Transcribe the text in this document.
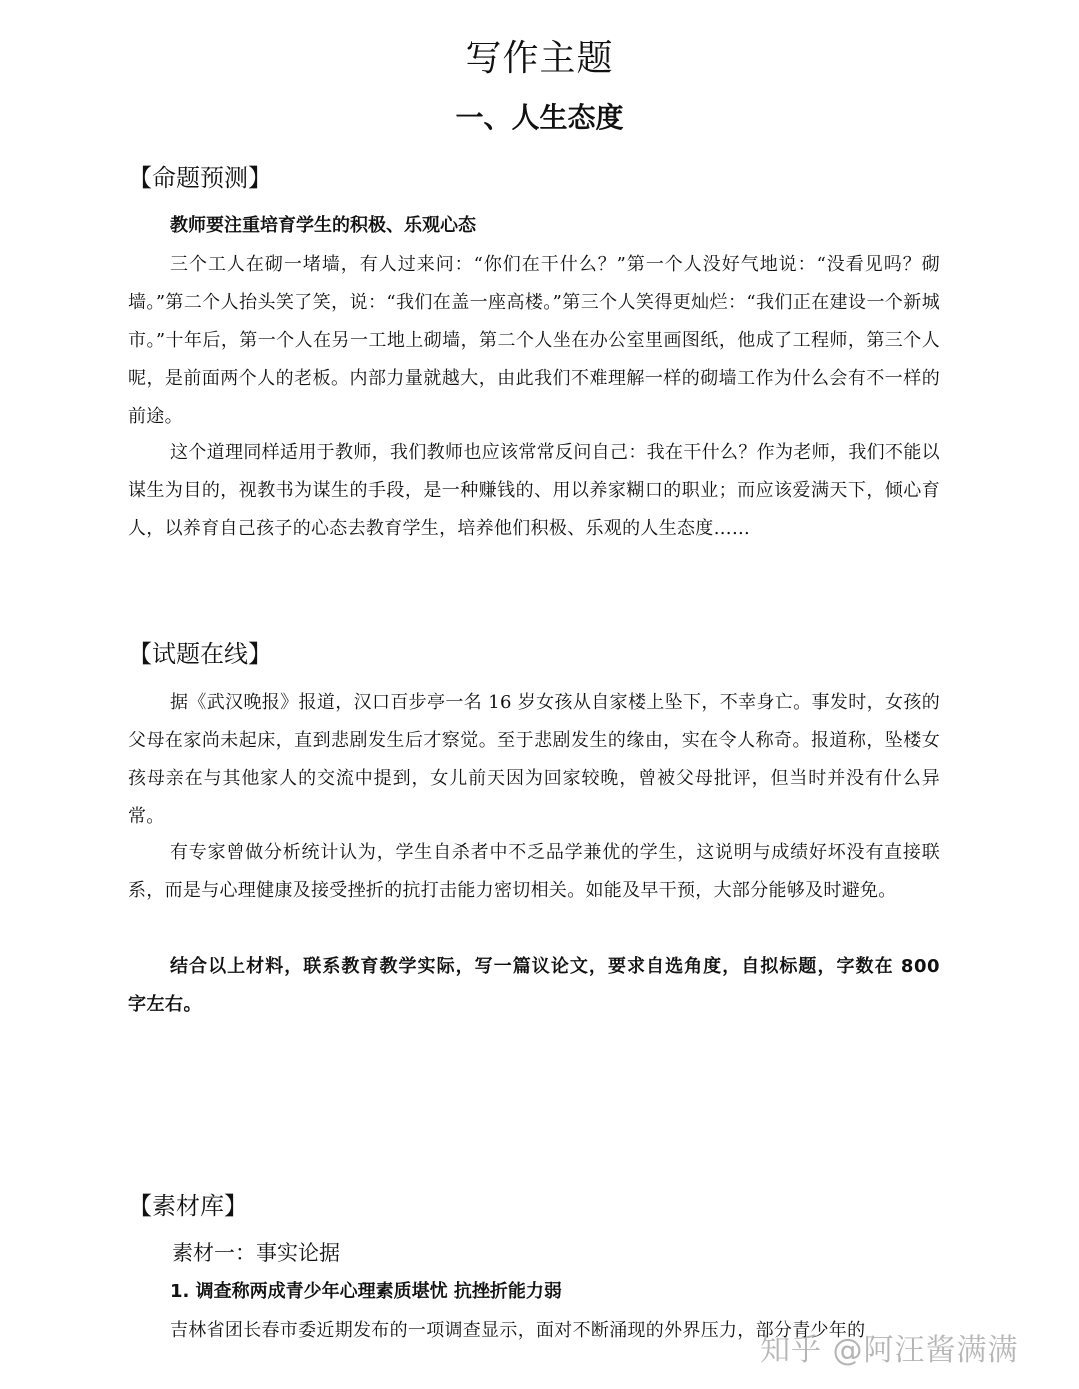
写作主题
一、人生态度
【命题预测】
教师要注重培育学生的积极、乐观心态

三个工人在砌一堵墙，有人过来问：“你们在干什么？”第一个人没好气地说：“没看见吗？砌墙。”第二个人抬头笑了笑，说：“我们在盖一座高楼。”第三个人笑得更灿烂：“我们正在建设一个新城市。”十年后，第一个人在另一工地上砌墙，第二个人坐在办公室里画图纸，他成了工程师，第三个人呢，是前面两个人的老板。内部力量就越大，由此我们不难理解一样的砌墙工作为什么会有不一样的前途。

这个道理同样适用于教师，我们教师也应该常常反问自己：我在干什么？作为老师，我们不能以谋生为目的，视教书为谋生的手段，是一种赚钱的、用以养家糊口的职业；而应该爱满天下，倾心育人，以养育自己孩子的心态去教育学生，培养他们积极、乐观的人生态度……

【试题在线】

据《武汉晚报》报道，汉口百步亭一名 16 岁女孩从自家楼上坠下，不幸身亡。事发时，女孩的父母在家尚未起床，直到悲剧发生后才察觉。至于悲剧发生的缘由，实在令人称奇。报道称，坠楼女孩母亲在与其他家人的交流中提到，女儿前天因为回家较晚，曾被父母批评，但当时并没有什么异常。

有专家曾做分析统计认为，学生自杀者中不乏品学兼优的学生，这说明与成绩好坏没有直接联系，而是与心理健康及接受挫折的抗打击能力密切相关。如能及早干预，大部分能够及时避免。

结合以上材料，联系教育教学实际，写一篇议论文，要求自选角度，自拟标题，字数在 800 字左右。

【素材库】
素材一：事实论据
1. 调查称两成青少年心理素质堪忧 抗挫折能力弱

吉林省团长春市委近期发布的一项调查显示，面对不断涌现的外界压力，部分青少年的

知乎 @阿汪酱满满
